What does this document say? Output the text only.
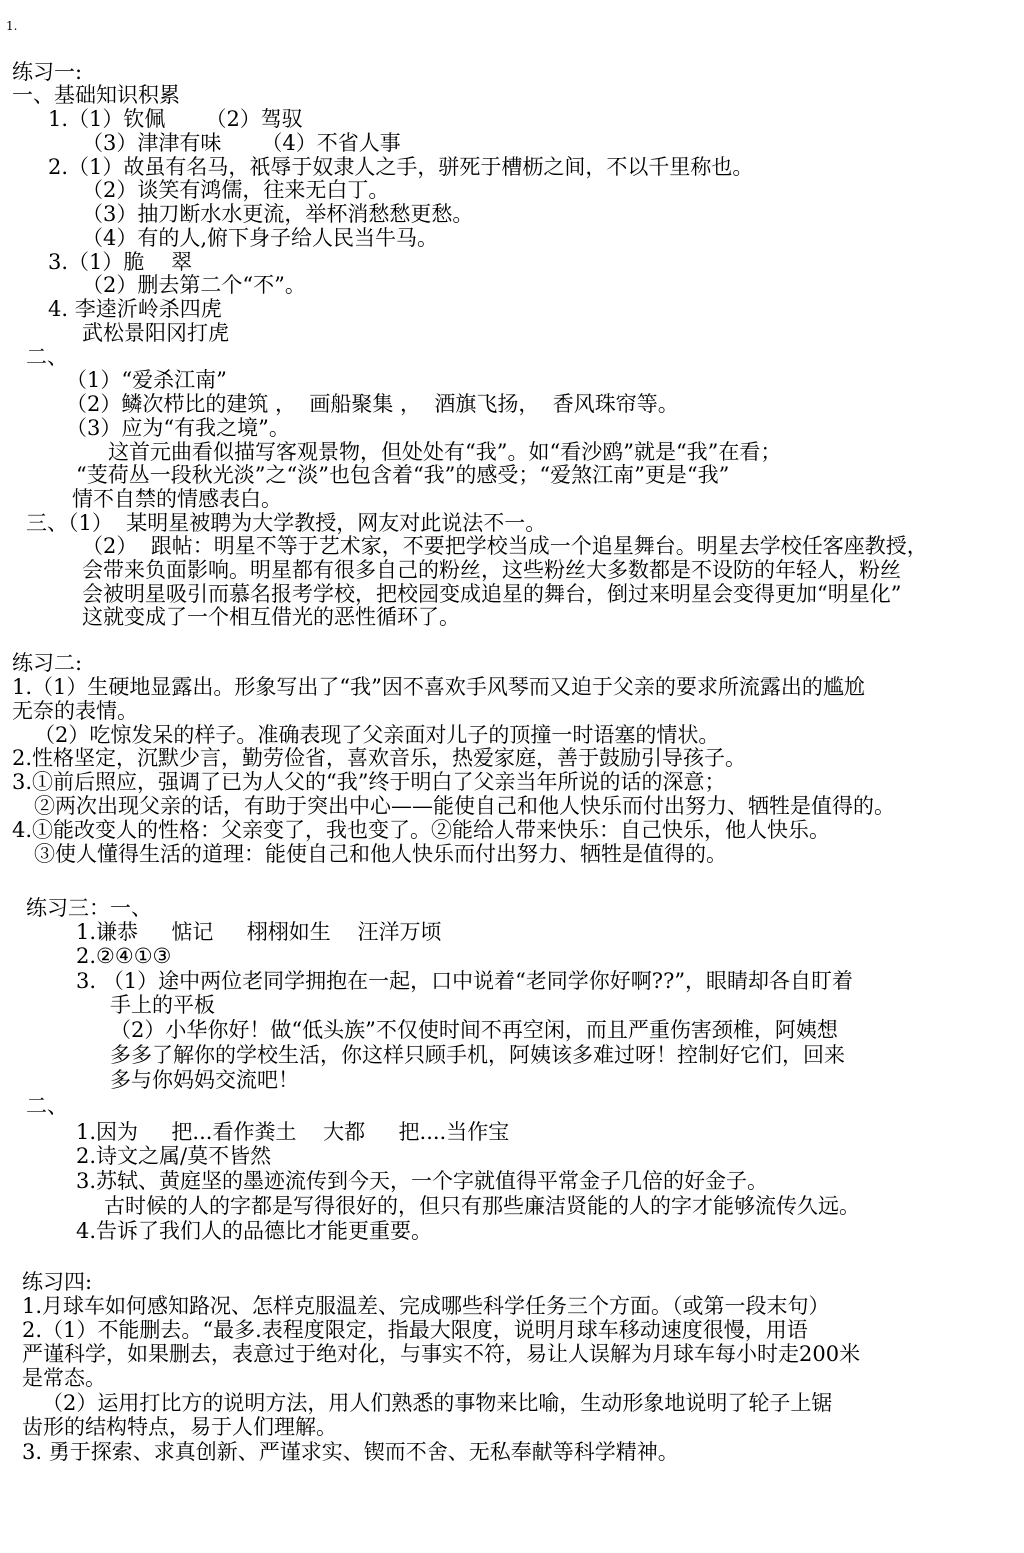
1.
练习一:
一、基础知识积累
1.（1）钦佩      （2）驾驭
（3）津津有味      （4）不省人事
2.（1）故虽有名马，祇辱于奴隶人之手，骈死于槽枥之间，不以千里称也。
（2）谈笑有鸿儒，往来无白丁。
（3）抽刀断水水更流，举杯消愁愁更愁。
（4）有的人,俯下身子给人民当牛马。
3.（1）脆    翠
（2）删去第二个“不”。
4. 李逵沂岭杀四虎
武松景阳冈打虎
二、
（1）“爱杀江南”
（2）鳞次栉比的建筑 ，  画船聚集 ，  酒旗飞扬，  香风珠帘等。
（3）应为“有我之境”。
这首元曲看似描写客观景物，但处处有“我”。如“看沙鸥”就是“我”在看；
“芰荷丛一段秋光淡”之“淡”也包含着“我”的感受；“爱煞江南”更是“我”
情不自禁的情感表白。
三、（1）  某明星被聘为大学教授，网友对此说法不一。
（2）  跟帖：明星不等于艺术家，不要把学校当成一个追星舞台。明星去学校任客座教授，
会带来负面影响。明星都有很多自己的粉丝，这些粉丝大多数都是不设防的年轻人，粉丝
会被明星吸引而慕名报考学校，把校园变成追星的舞台，倒过来明星会变得更加“明星化”
这就变成了一个相互借光的恶性循环了。
练习二:
1.（1）生硬地显露出。形象写出了“我”因不喜欢手风琴而又迫于父亲的要求所流露出的尴尬
无奈的表情。
（2）吃惊发呆的样子。准确表现了父亲面对儿子的顶撞一时语塞的情状。
2.性格坚定，沉默少言，勤劳俭省，喜欢音乐，热爱家庭，善于鼓励引导孩子。
3.①前后照应，强调了已为人父的“我”终于明白了父亲当年所说的话的深意；
②两次出现父亲的话，有助于突出中心——能使自己和他人快乐而付出努力、牺牲是值得的。
4.①能改变人的性格：父亲变了，我也变了。②能给人带来快乐：自己快乐，他人快乐。
③使人懂得生活的道理：能使自己和他人快乐而付出努力、牺牲是值得的。
练习三：一、
1.谦恭     惦记     栩栩如生    汪洋万顷
2.②④①③
3. （1）途中两位老同学拥抱在一起，口中说着“老同学你好啊??”，眼睛却各自盯着
手上的平板
（2）小华你好！做“低头族”不仅使时间不再空闲，而且严重伤害颈椎，阿姨想
多多了解你的学校生活，你这样只顾手机，阿姨该多难过呀！控制好它们，回来
多与你妈妈交流吧！
二、
1.因为     把...看作粪土    大都     把....当作宝
2.诗文之属/莫不皆然
3.苏轼、黄庭坚的墨迹流传到今天，一个字就值得平常金子几倍的好金子。
古时候的人的字都是写得很好的，但只有那些廉洁贤能的人的字才能够流传久远。
4.告诉了我们人的品德比才能更重要。
练习四:
1.月球车如何感知路况、怎样克服温差、完成哪些科学任务三个方面。（或第一段末句）
2.（1）不能删去。“最多.表程度限定，指最大限度，说明月球车移动速度很慢，用语
严谨科学，如果删去，表意过于绝对化，与事实不符，易让人误解为月球车每小时走200米
是常态。
（2）运用打比方的说明方法，用人们熟悉的事物来比喻，生动形象地说明了轮子上锯
齿形的结构特点，易于人们理解。
3. 勇于探索、求真创新、严谨求实、锲而不舍、无私奉献等科学精神。
